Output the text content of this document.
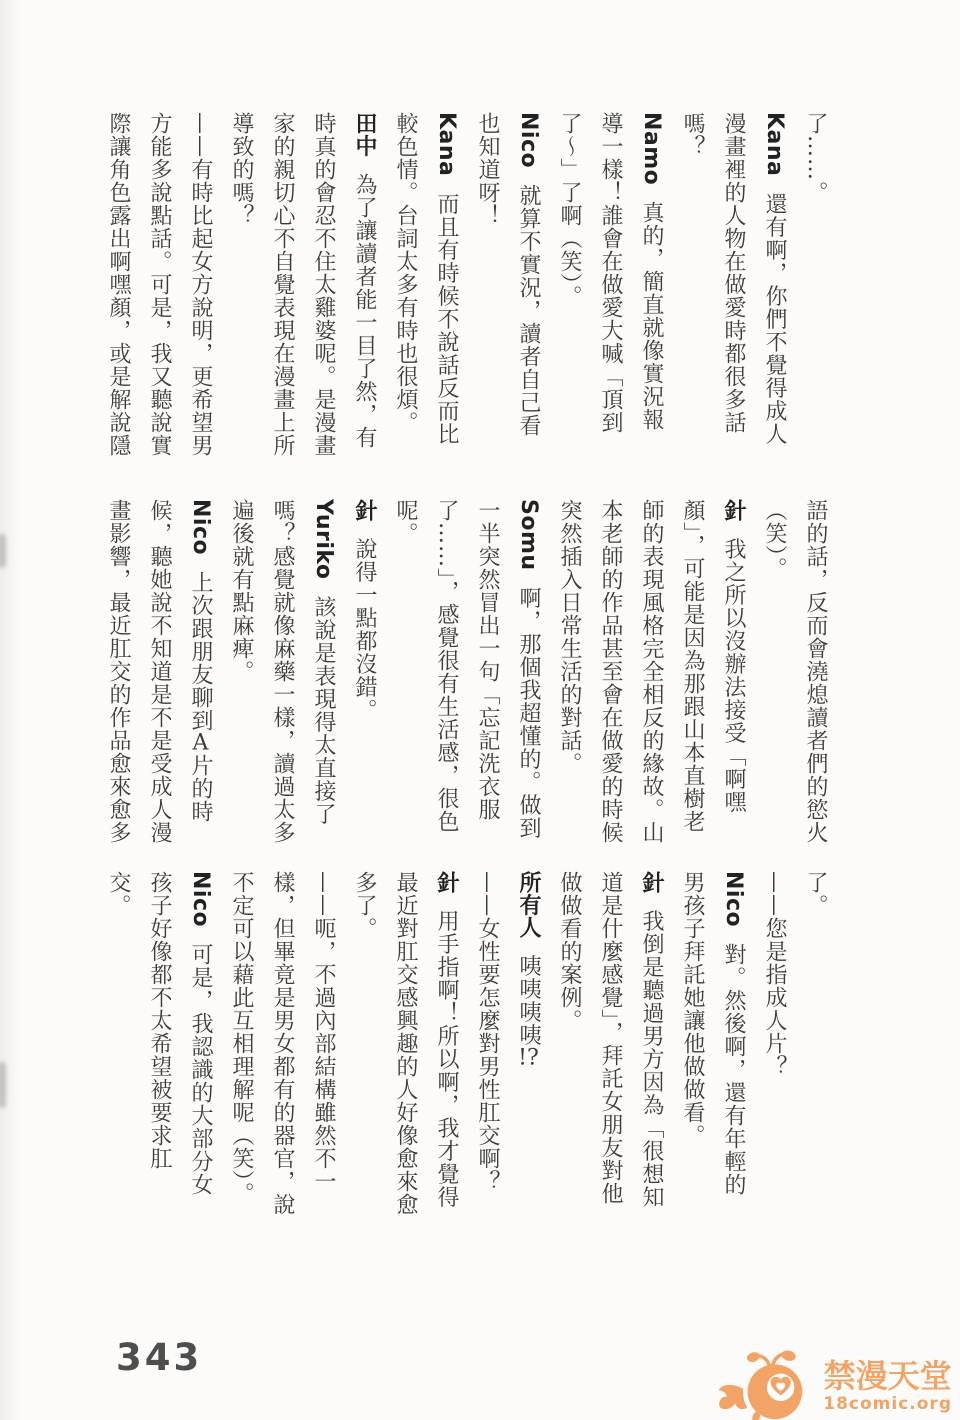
了……。
Kana還有啊，你們不覺得成人
漫畫裡的人物在做愛時都很多話
嗎？
Namo真的，簡直就像實況報
導一樣！誰會在做愛大喊「頂到
了～」了啊（笑）。
Nico就算不實況，讀者自己看
也知道呀！
Kana而且有時候不說話反而比
較色情。台詞太多有時也很煩。
田中為了讓讀者能一目了然，有
時真的會忍不住太雞婆呢。是漫畫
家的親切心不自覺表現在漫畫上所
導致的嗎？
——有時比起女方說明，更希望男
方能多說點話。可是，我又聽說實
際讓角色露出啊嘿顏，或是解說隱
語的話，反而會澆熄讀者們的慾火
（笑）。
針我之所以沒辦法接受「啊嘿
顏」，可能是因為那跟山本直樹老
師的表現風格完全相反的緣故。山
本老師的作品甚至會在做愛的時候
突然插入日常生活的對話。
Somu啊，那個我超懂的。做到
一半突然冒出一句「忘記洗衣服
了……」，感覺很有生活感，很色
呢。
針說得一點都沒錯。
Yuriko該說是表現得太直接了
嗎？感覺就像麻藥一樣，讀過太多
遍後就有點麻痺。
Nico上次跟朋友聊到A片的時
候，聽她說不知道是不是受成人漫
畫影響，最近肛交的作品愈來愈多
了。
——您是指成人片？
Nico對。然後啊，還有年輕的
男孩子拜託她讓他做做看。
針我倒是聽過男方因為「很想知
道是什麼感覺」，拜託女朋友對他
做做看的案例。
所有人咦咦咦咦!?
——女性要怎麼對男性肛交啊？
針用手指啊！所以啊，我才覺得
最近對肛交感興趣的人好像愈來愈
多了。
——呃，不過內部結構雖然不一
樣，但畢竟是男女都有的器官，說
不定可以藉此互相理解呢（笑）。
Nico可是，我認識的大部分女
孩子好像都不太希望被要求肛
交。
343	禁漫天堂
18comic.org
